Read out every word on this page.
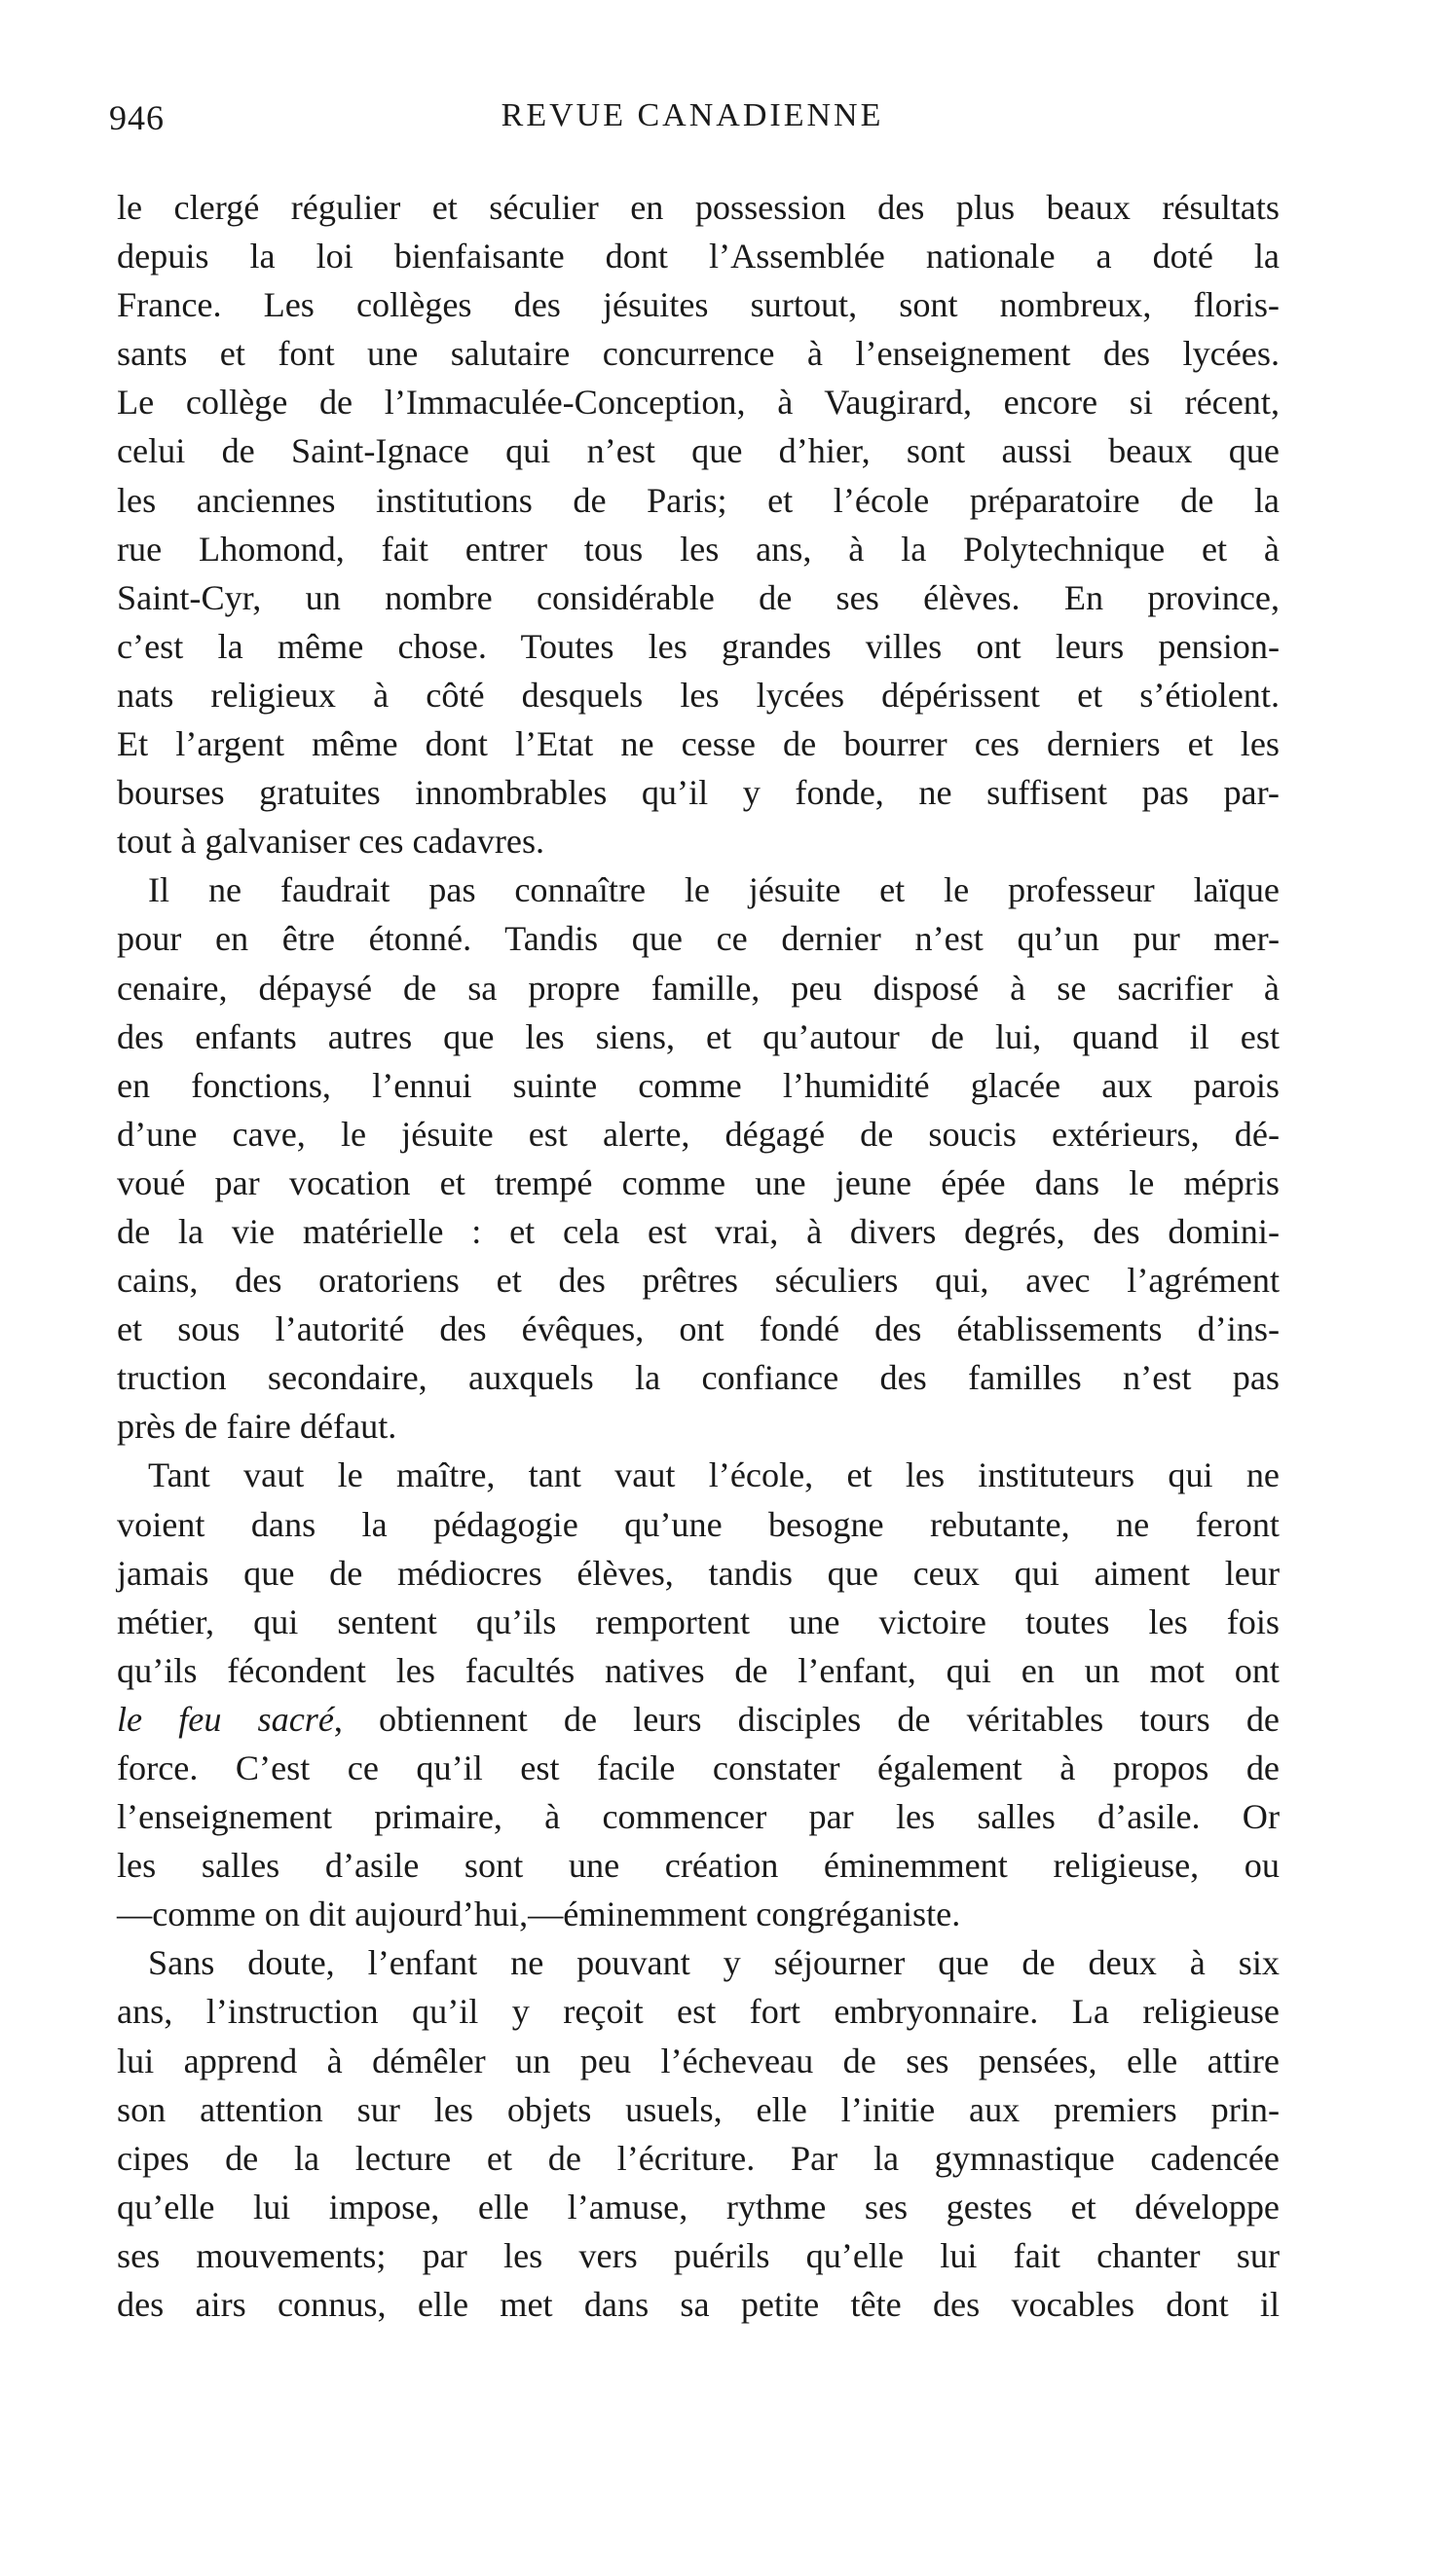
946	REVUE CANADIENNE
le clergé régulier et séculier en possession des plus beaux résultats
depuis la loi bienfaisante dont l’Assemblée nationale a doté la
France. Les collèges des jésuites surtout, sont nombreux, floris-
sants et font une salutaire concurrence à l’enseignement des lycées.
Le collège de l’Immaculée-Conception, à Vaugirard, encore si récent,
celui de Saint-Ignace qui n’est que d’hier, sont aussi beaux que
les anciennes institutions de Paris; et l’école préparatoire de la
rue Lhomond, fait entrer tous les ans, à la Polytechnique et à
Saint-Cyr, un nombre considérable de ses élèves. En province,
c’est la même chose. Toutes les grandes villes ont leurs pension-
nats religieux à côté desquels les lycées dépérissent et s’étiolent.
Et l’argent même dont l’Etat ne cesse de bourrer ces derniers et les
bourses gratuites innombrables qu’il y fonde, ne suffisent pas par-
tout à galvaniser ces cadavres.
Il ne faudrait pas connaître le jésuite et le professeur laïque
pour en être étonné. Tandis que ce dernier n’est qu’un pur mer-
cenaire, dépaysé de sa propre famille, peu disposé à se sacrifier à
des enfants autres que les siens, et qu’autour de lui, quand il est
en fonctions, l’ennui suinte comme l’humidité glacée aux parois
d’une cave, le jésuite est alerte, dégagé de soucis extérieurs, dé-
voué par vocation et trempé comme une jeune épée dans le mépris
de la vie matérielle : et cela est vrai, à divers degrés, des domini-
cains, des oratoriens et des prêtres séculiers qui, avec l’agrément
et sous l’autorité des évêques, ont fondé des établissements d’ins-
truction secondaire, auxquels la confiance des familles n’est pas
près de faire défaut.
Tant vaut le maître, tant vaut l’école, et les instituteurs qui ne
voient dans la pédagogie qu’une besogne rebutante, ne feront
jamais que de médiocres élèves, tandis que ceux qui aiment leur
métier, qui sentent qu’ils remportent une victoire toutes les fois
qu’ils fécondent les facultés natives de l’enfant, qui en un mot ont
le feu sacré, obtiennent de leurs disciples de véritables tours de
force. C’est ce qu’il est facile constater également à propos de
l’enseignement primaire, à commencer par les salles d’asile. Or
les salles d’asile sont une création éminemment religieuse, ou
—comme on dit aujourd’hui,—éminemment congréganiste.
Sans doute, l’enfant ne pouvant y séjourner que de deux à six
ans, l’instruction qu’il y reçoit est fort embryonnaire. La religieuse
lui apprend à démêler un peu l’écheveau de ses pensées, elle attire
son attention sur les objets usuels, elle l’initie aux premiers prin-
cipes de la lecture et de l’écriture. Par la gymnastique cadencée
qu’elle lui impose, elle l’amuse, rythme ses gestes et développe
ses mouvements; par les vers puérils qu’elle lui fait chanter sur
des airs connus, elle met dans sa petite tête des vocables dont il
